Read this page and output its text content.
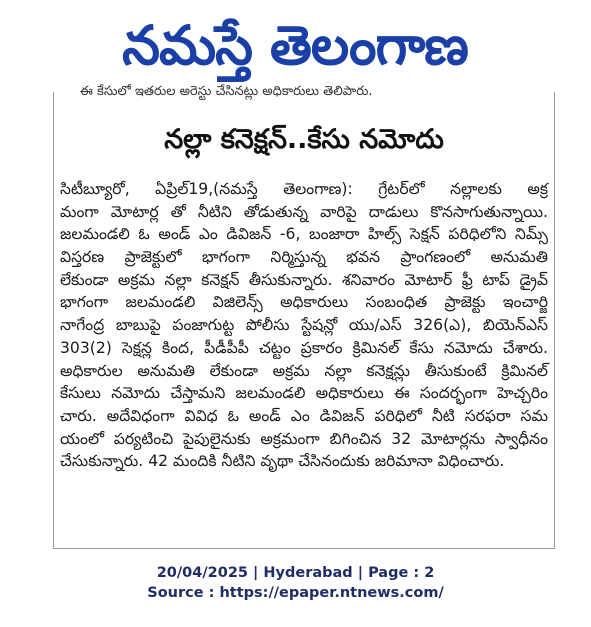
నమస్తే తెలంగాణ
ఈ కేసులో ఇతరుల అరెస్టు చేసినట్లు అధికారులు తెలిపారు.
నల్లా కనెక్షన్‌..కేసు నమోదు
సిటీబ్యూరో, ఏప్రిల్‌19,(నమస్తే తెలంగాణ): గ్రేటర్‌లో నల్లాలకు అక్ర
మంగా మోటార్ల తో నీటిని తోడుతున్న వారిపై దాడులు కొనసాగుతున్నాయి.
జలమండలి ఓ అండ్‌ ఎం డివిజన్‌ -6, బంజారా హిల్స్‌ సెక్షన్‌ పరిధిలోని నిమ్స్‌
విస్తరణ ప్రాజెక్టులో భాగంగా నిర్మిస్తున్న భవన ప్రాంగణంలో అనుమతి
లేకుండా అక్రమ నల్లా కనెక్షన్‌ తీసుకున్నారు. శనివారం మోటార్‌ ఫ్రీ టాప్‌ డ్రైవ్‌
భాగంగా జలమండలి విజిలెన్స్‌ అధికారులు సంబంధిత ప్రాజెక్టు ఇంచార్జి
నాగేంద్ర బాబుపై పంజాగుట్ట పోలీసు స్టేషన్లో యు/ఎస్‌ 326(ఎ), బియెన్‌ఎస్‌
303(2) సెక్షన్ల కింద, పీడీపీపీ చట్టం ప్రకారం క్రిమినల్‌ కేసు నమోదు చేశారు.
అధికారుల అనుమతి లేకుండా అక్రమ నల్లా కనెక్షన్లు తీసుకుంటే క్రిమినల్‌
కేసులు నమోదు చేస్తామని జలమండలి అధికారులు ఈ సందర్భంగా హెచ్చరిం
చారు. అదేవిధంగా వివిధ ఓ అండ్‌ ఎం డివిజన్‌ పరిధిలో నీటి సరఫరా సమ
యంలో పర్యటించి పైపులైనుకు అక్రమంగా బిగించిన 32 మోటార్లను స్వాధీనం
చేసుకున్నారు. 42 మందికి నీటిని వృథా చేసినందుకు జరిమానా విధించారు.
20/04/2025 | Hyderabad | Page : 2
Source : https://epaper.ntnews.com/
